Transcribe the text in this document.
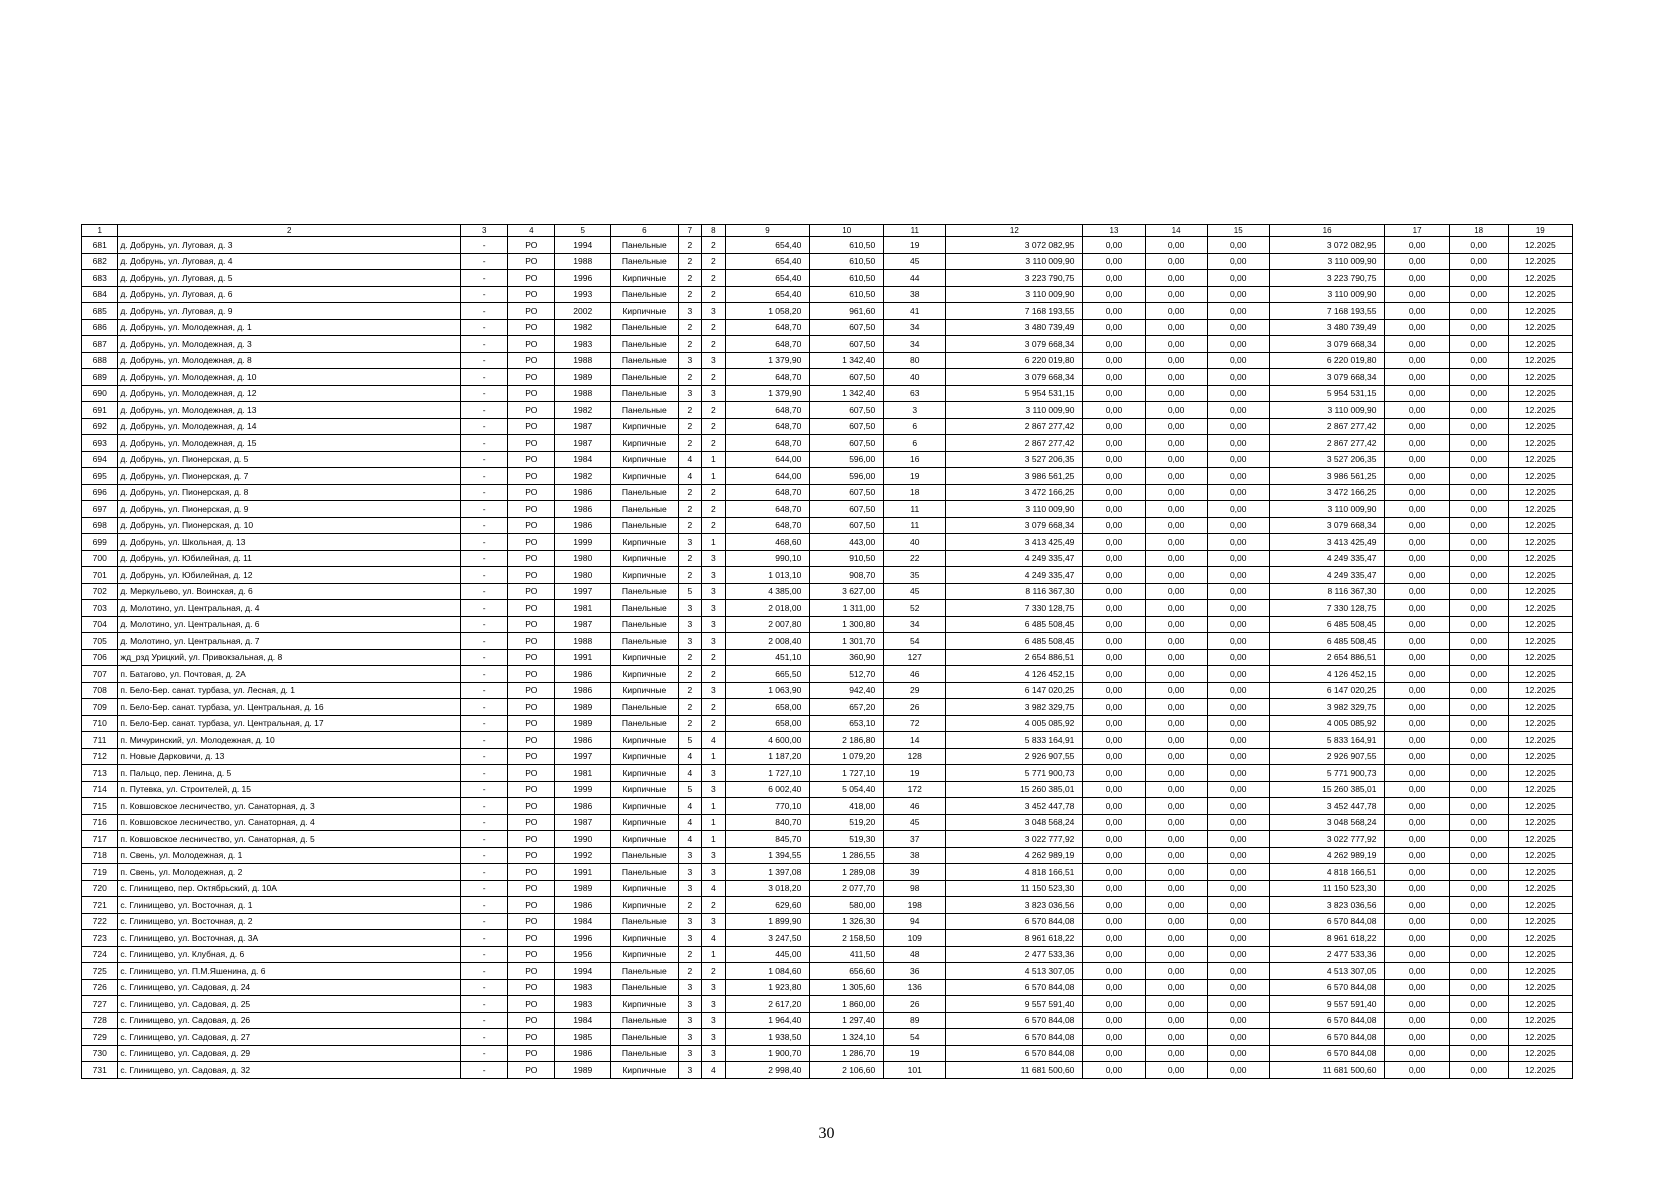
1	2	3	4	5	6	7	8	9	10	11	12	13	14	15	16	17	18	19
681	д. Добрунь, ул. Луговая, д. 3	-	РО	1994	Панельные	2	2	654,40	610,50	19	3 072 082,95	0,00	0,00	0,00	3 072 082,95	0,00	0,00	12.2025
682	д. Добрунь, ул. Луговая, д. 4	-	РО	1988	Панельные	2	2	654,40	610,50	45	3 110 009,90	0,00	0,00	0,00	3 110 009,90	0,00	0,00	12.2025
683	д. Добрунь, ул. Луговая, д. 5	-	РО	1996	Кирпичные	2	2	654,40	610,50	44	3 223 790,75	0,00	0,00	0,00	3 223 790,75	0,00	0,00	12.2025
684	д. Добрунь, ул. Луговая, д. 6	-	РО	1993	Панельные	2	2	654,40	610,50	38	3 110 009,90	0,00	0,00	0,00	3 110 009,90	0,00	0,00	12.2025
685	д. Добрунь, ул. Луговая, д. 9	-	РО	2002	Кирпичные	3	3	1 058,20	961,60	41	7 168 193,55	0,00	0,00	0,00	7 168 193,55	0,00	0,00	12.2025
686	д. Добрунь, ул. Молодежная, д. 1	-	РО	1982	Панельные	2	2	648,70	607,50	34	3 480 739,49	0,00	0,00	0,00	3 480 739,49	0,00	0,00	12.2025
687	д. Добрунь, ул. Молодежная, д. 3	-	РО	1983	Панельные	2	2	648,70	607,50	34	3 079 668,34	0,00	0,00	0,00	3 079 668,34	0,00	0,00	12.2025
688	д. Добрунь, ул. Молодежная, д. 8	-	РО	1988	Панельные	3	3	1 379,90	1 342,40	80	6 220 019,80	0,00	0,00	0,00	6 220 019,80	0,00	0,00	12.2025
689	д. Добрунь, ул. Молодежная, д. 10	-	РО	1989	Панельные	2	2	648,70	607,50	40	3 079 668,34	0,00	0,00	0,00	3 079 668,34	0,00	0,00	12.2025
690	д. Добрунь, ул. Молодежная, д. 12	-	РО	1988	Панельные	3	3	1 379,90	1 342,40	63	5 954 531,15	0,00	0,00	0,00	5 954 531,15	0,00	0,00	12.2025
691	д. Добрунь, ул. Молодежная, д. 13	-	РО	1982	Панельные	2	2	648,70	607,50	3	3 110 009,90	0,00	0,00	0,00	3 110 009,90	0,00	0,00	12.2025
692	д. Добрунь, ул. Молодежная, д. 14	-	РО	1987	Кирпичные	2	2	648,70	607,50	6	2 867 277,42	0,00	0,00	0,00	2 867 277,42	0,00	0,00	12.2025
693	д. Добрунь, ул. Молодежная, д. 15	-	РО	1987	Кирпичные	2	2	648,70	607,50	6	2 867 277,42	0,00	0,00	0,00	2 867 277,42	0,00	0,00	12.2025
694	д. Добрунь, ул. Пионерская, д. 5	-	РО	1984	Кирпичные	4	1	644,00	596,00	16	3 527 206,35	0,00	0,00	0,00	3 527 206,35	0,00	0,00	12.2025
695	д. Добрунь, ул. Пионерская, д. 7	-	РО	1982	Кирпичные	4	1	644,00	596,00	19	3 986 561,25	0,00	0,00	0,00	3 986 561,25	0,00	0,00	12.2025
696	д. Добрунь, ул. Пионерская, д. 8	-	РО	1986	Панельные	2	2	648,70	607,50	18	3 472 166,25	0,00	0,00	0,00	3 472 166,25	0,00	0,00	12.2025
697	д. Добрунь, ул. Пионерская, д. 9	-	РО	1986	Панельные	2	2	648,70	607,50	11	3 110 009,90	0,00	0,00	0,00	3 110 009,90	0,00	0,00	12.2025
698	д. Добрунь, ул. Пионерская, д. 10	-	РО	1986	Панельные	2	2	648,70	607,50	11	3 079 668,34	0,00	0,00	0,00	3 079 668,34	0,00	0,00	12.2025
699	д. Добрунь, ул. Школьная, д. 13	-	РО	1999	Кирпичные	3	1	468,60	443,00	40	3 413 425,49	0,00	0,00	0,00	3 413 425,49	0,00	0,00	12.2025
700	д. Добрунь, ул. Юбилейная, д. 11	-	РО	1980	Кирпичные	2	3	990,10	910,50	22	4 249 335,47	0,00	0,00	0,00	4 249 335,47	0,00	0,00	12.2025
701	д. Добрунь, ул. Юбилейная, д. 12	-	РО	1980	Кирпичные	2	3	1 013,10	908,70	35	4 249 335,47	0,00	0,00	0,00	4 249 335,47	0,00	0,00	12.2025
702	д. Меркульево, ул. Воинская, д. 6	-	РО	1997	Панельные	5	3	4 385,00	3 627,00	45	8 116 367,30	0,00	0,00	0,00	8 116 367,30	0,00	0,00	12.2025
703	д. Молотино, ул. Центральная, д. 4	-	РО	1981	Панельные	3	3	2 018,00	1 311,00	52	7 330 128,75	0,00	0,00	0,00	7 330 128,75	0,00	0,00	12.2025
704	д. Молотино, ул. Центральная, д. 6	-	РО	1987	Панельные	3	3	2 007,80	1 300,80	34	6 485 508,45	0,00	0,00	0,00	6 485 508,45	0,00	0,00	12.2025
705	д. Молотино, ул. Центральная, д. 7	-	РО	1988	Панельные	3	3	2 008,40	1 301,70	54	6 485 508,45	0,00	0,00	0,00	6 485 508,45	0,00	0,00	12.2025
706	жд_рзд Урицкий, ул. Привокзальная, д. 8	-	РО	1991	Кирпичные	2	2	451,10	360,90	127	2 654 886,51	0,00	0,00	0,00	2 654 886,51	0,00	0,00	12.2025
707	п. Батагово, ул. Почтовая, д. 2А	-	РО	1986	Кирпичные	2	2	665,50	512,70	46	4 126 452,15	0,00	0,00	0,00	4 126 452,15	0,00	0,00	12.2025
708	п. Бело-Бер. санат. турбаза, ул. Лесная, д. 1	-	РО	1986	Кирпичные	2	3	1 063,90	942,40	29	6 147 020,25	0,00	0,00	0,00	6 147 020,25	0,00	0,00	12.2025
709	п. Бело-Бер. санат. турбаза, ул. Центральная, д. 16	-	РО	1989	Панельные	2	2	658,00	657,20	26	3 982 329,75	0,00	0,00	0,00	3 982 329,75	0,00	0,00	12.2025
710	п. Бело-Бер. санат. турбаза, ул. Центральная, д. 17	-	РО	1989	Панельные	2	2	658,00	653,10	72	4 005 085,92	0,00	0,00	0,00	4 005 085,92	0,00	0,00	12.2025
711	п. Мичуринский, ул. Молодежная, д. 10	-	РО	1986	Кирпичные	5	4	4 600,00	2 186,80	14	5 833 164,91	0,00	0,00	0,00	5 833 164,91	0,00	0,00	12.2025
712	п. Новые Дарковичи, д. 13	-	РО	1997	Кирпичные	4	1	1 187,20	1 079,20	128	2 926 907,55	0,00	0,00	0,00	2 926 907,55	0,00	0,00	12.2025
713	п. Пальцо, пер. Ленина, д. 5	-	РО	1981	Кирпичные	4	3	1 727,10	1 727,10	19	5 771 900,73	0,00	0,00	0,00	5 771 900,73	0,00	0,00	12.2025
714	п. Путевка, ул. Строителей, д. 15	-	РО	1999	Кирпичные	5	3	6 002,40	5 054,40	172	15 260 385,01	0,00	0,00	0,00	15 260 385,01	0,00	0,00	12.2025
715	п. Ковшовское лесничество, ул. Санаторная, д. 3	-	РО	1986	Кирпичные	4	1	770,10	418,00	46	3 452 447,78	0,00	0,00	0,00	3 452 447,78	0,00	0,00	12.2025
716	п. Ковшовское лесничество, ул. Санаторная, д. 4	-	РО	1987	Кирпичные	4	1	840,70	519,20	45	3 048 568,24	0,00	0,00	0,00	3 048 568,24	0,00	0,00	12.2025
717	п. Ковшовское лесничество, ул. Санаторная, д. 5	-	РО	1990	Кирпичные	4	1	845,70	519,30	37	3 022 777,92	0,00	0,00	0,00	3 022 777,92	0,00	0,00	12.2025
718	п. Свень, ул. Молодежная, д. 1	-	РО	1992	Панельные	3	3	1 394,55	1 286,55	38	4 262 989,19	0,00	0,00	0,00	4 262 989,19	0,00	0,00	12.2025
719	п. Свень, ул. Молодежная, д. 2	-	РО	1991	Панельные	3	3	1 397,08	1 289,08	39	4 818 166,51	0,00	0,00	0,00	4 818 166,51	0,00	0,00	12.2025
720	с. Глинищево, пер. Октябрьский, д. 10А	-	РО	1989	Кирпичные	3	4	3 018,20	2 077,70	98	11 150 523,30	0,00	0,00	0,00	11 150 523,30	0,00	0,00	12.2025
721	с. Глинищево, ул. Восточная, д. 1	-	РО	1986	Кирпичные	2	2	629,60	580,00	198	3 823 036,56	0,00	0,00	0,00	3 823 036,56	0,00	0,00	12.2025
722	с. Глинищево, ул. Восточная, д. 2	-	РО	1984	Панельные	3	3	1 899,90	1 326,30	94	6 570 844,08	0,00	0,00	0,00	6 570 844,08	0,00	0,00	12.2025
723	с. Глинищево, ул. Восточная, д. 3А	-	РО	1996	Кирпичные	3	4	3 247,50	2 158,50	109	8 961 618,22	0,00	0,00	0,00	8 961 618,22	0,00	0,00	12.2025
724	с. Глинищево, ул. Клубная, д. 6	-	РО	1956	Кирпичные	2	1	445,00	411,50	48	2 477 533,36	0,00	0,00	0,00	2 477 533,36	0,00	0,00	12.2025
725	с. Глинищево, ул. П.М.Яшенина, д. 6	-	РО	1994	Панельные	2	2	1 084,60	656,60	36	4 513 307,05	0,00	0,00	0,00	4 513 307,05	0,00	0,00	12.2025
726	с. Глинищево, ул. Садовая, д. 24	-	РО	1983	Панельные	3	3	1 923,80	1 305,60	136	6 570 844,08	0,00	0,00	0,00	6 570 844,08	0,00	0,00	12.2025
727	с. Глинищево, ул. Садовая, д. 25	-	РО	1983	Кирпичные	3	3	2 617,20	1 860,00	26	9 557 591,40	0,00	0,00	0,00	9 557 591,40	0,00	0,00	12.2025
728	с. Глинищево, ул. Садовая, д. 26	-	РО	1984	Панельные	3	3	1 964,40	1 297,40	89	6 570 844,08	0,00	0,00	0,00	6 570 844,08	0,00	0,00	12.2025
729	с. Глинищево, ул. Садовая, д. 27	-	РО	1985	Панельные	3	3	1 938,50	1 324,10	54	6 570 844,08	0,00	0,00	0,00	6 570 844,08	0,00	0,00	12.2025
730	с. Глинищево, ул. Садовая, д. 29	-	РО	1986	Панельные	3	3	1 900,70	1 286,70	19	6 570 844,08	0,00	0,00	0,00	6 570 844,08	0,00	0,00	12.2025
731	с. Глинищево, ул. Садовая, д. 32	-	РО	1989	Кирпичные	3	4	2 998,40	2 106,60	101	11 681 500,60	0,00	0,00	0,00	11 681 500,60	0,00	0,00	12.2025
30
